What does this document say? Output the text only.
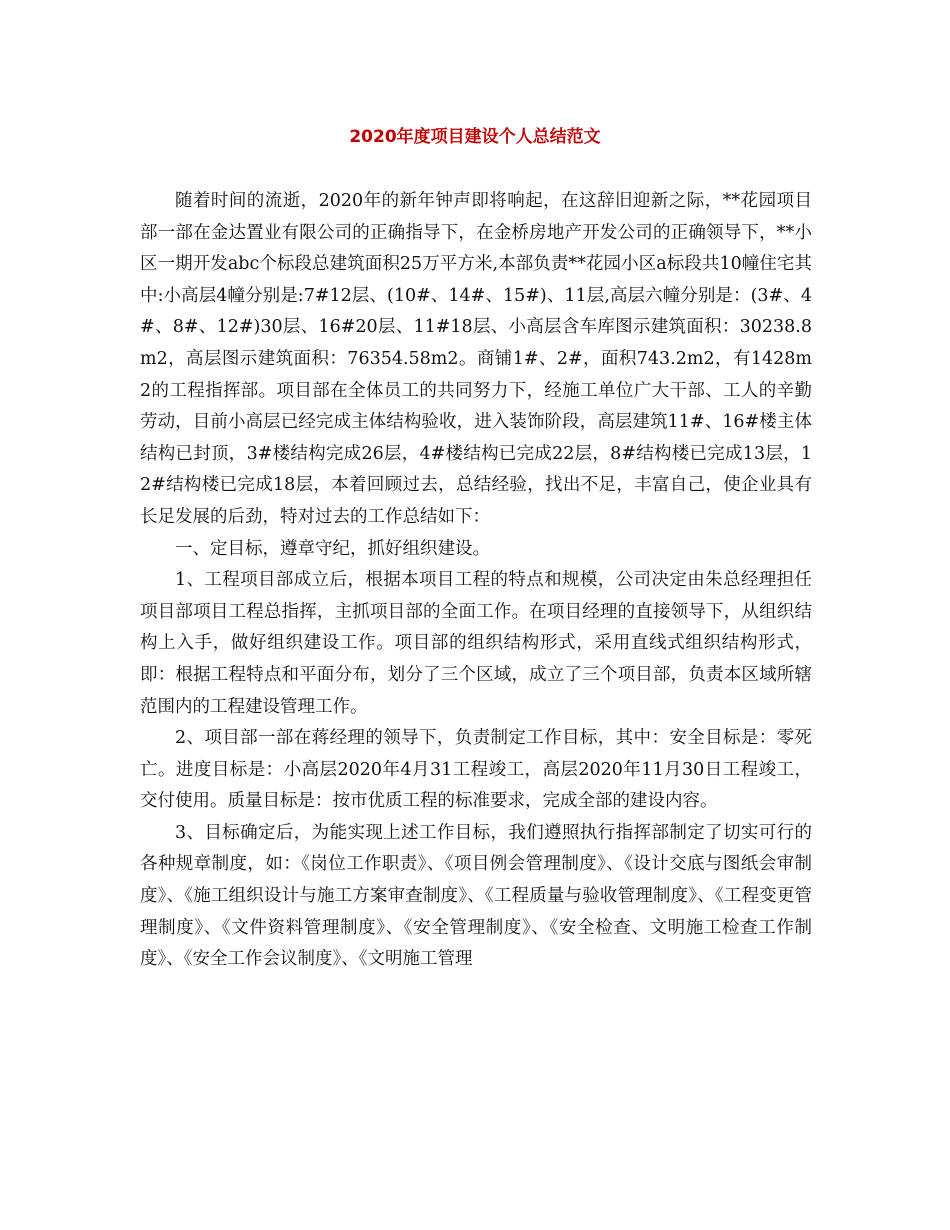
2020年度项目建设个人总结范文

随着时间的流逝，2020年的新年钟声即将响起，在这辞旧迎新之际，**花园项目部一部在金达置业有限公司的正确指导下，在金桥房地产开发公司的正确领导下，**小区一期开发abc个标段总建筑面积25万平方米,本部负责**花园小区a标段共10幢住宅其中:小高层4幢分别是:7#12层、(10#、14#、15#)、11层,高层六幢分别是：(3#、4#、8#、12#)30层、16#20层、11#18层、小高层含车库图示建筑面积：30238.8m2，高层图示建筑面积：76354.58m2。商铺1#、2#，面积743.2m2，有1428m2的工程指挥部。项目部在全体员工的共同努力下，经施工单位广大干部、工人的辛勤劳动，目前小高层已经完成主体结构验收，进入装饰阶段，高层建筑11#、16#楼主体结构已封顶，3#楼结构完成26层，4#楼结构已完成22层，8#结构楼已完成13层，12#结构楼已完成18层，本着回顾过去，总结经验，找出不足，丰富自己，使企业具有长足发展的后劲，特对过去的工作总结如下：

一、定目标，遵章守纪，抓好组织建设。

1、工程项目部成立后，根据本项目工程的特点和规模，公司决定由朱总经理担任项目部项目工程总指挥，主抓项目部的全面工作。在项目经理的直接领导下，从组织结构上入手，做好组织建设工作。项目部的组织结构形式，采用直线式组织结构形式，即：根据工程特点和平面分布，划分了三个区域，成立了三个项目部，负责本区域所辖范围内的工程建设管理工作。

2、项目部一部在蒋经理的领导下，负责制定工作目标，其中：安全目标是：零死亡。进度目标是：小高层2020年4月31工程竣工，高层2020年11月30日工程竣工，交付使用。质量目标是：按市优质工程的标准要求，完成全部的建设内容。

3、目标确定后，为能实现上述工作目标，我们遵照执行指挥部制定了切实可行的各种规章制度，如：《岗位工作职责》、《项目例会管理制度》、《设计交底与图纸会审制度》、《施工组织设计与施工方案审查制度》、《工程质量与验收管理制度》、《工程变更管理制度》、《文件资料管理制度》、《安全管理制度》、《安全检查、文明施工检查工作制度》、《安全工作会议制度》、《文明施工管理
